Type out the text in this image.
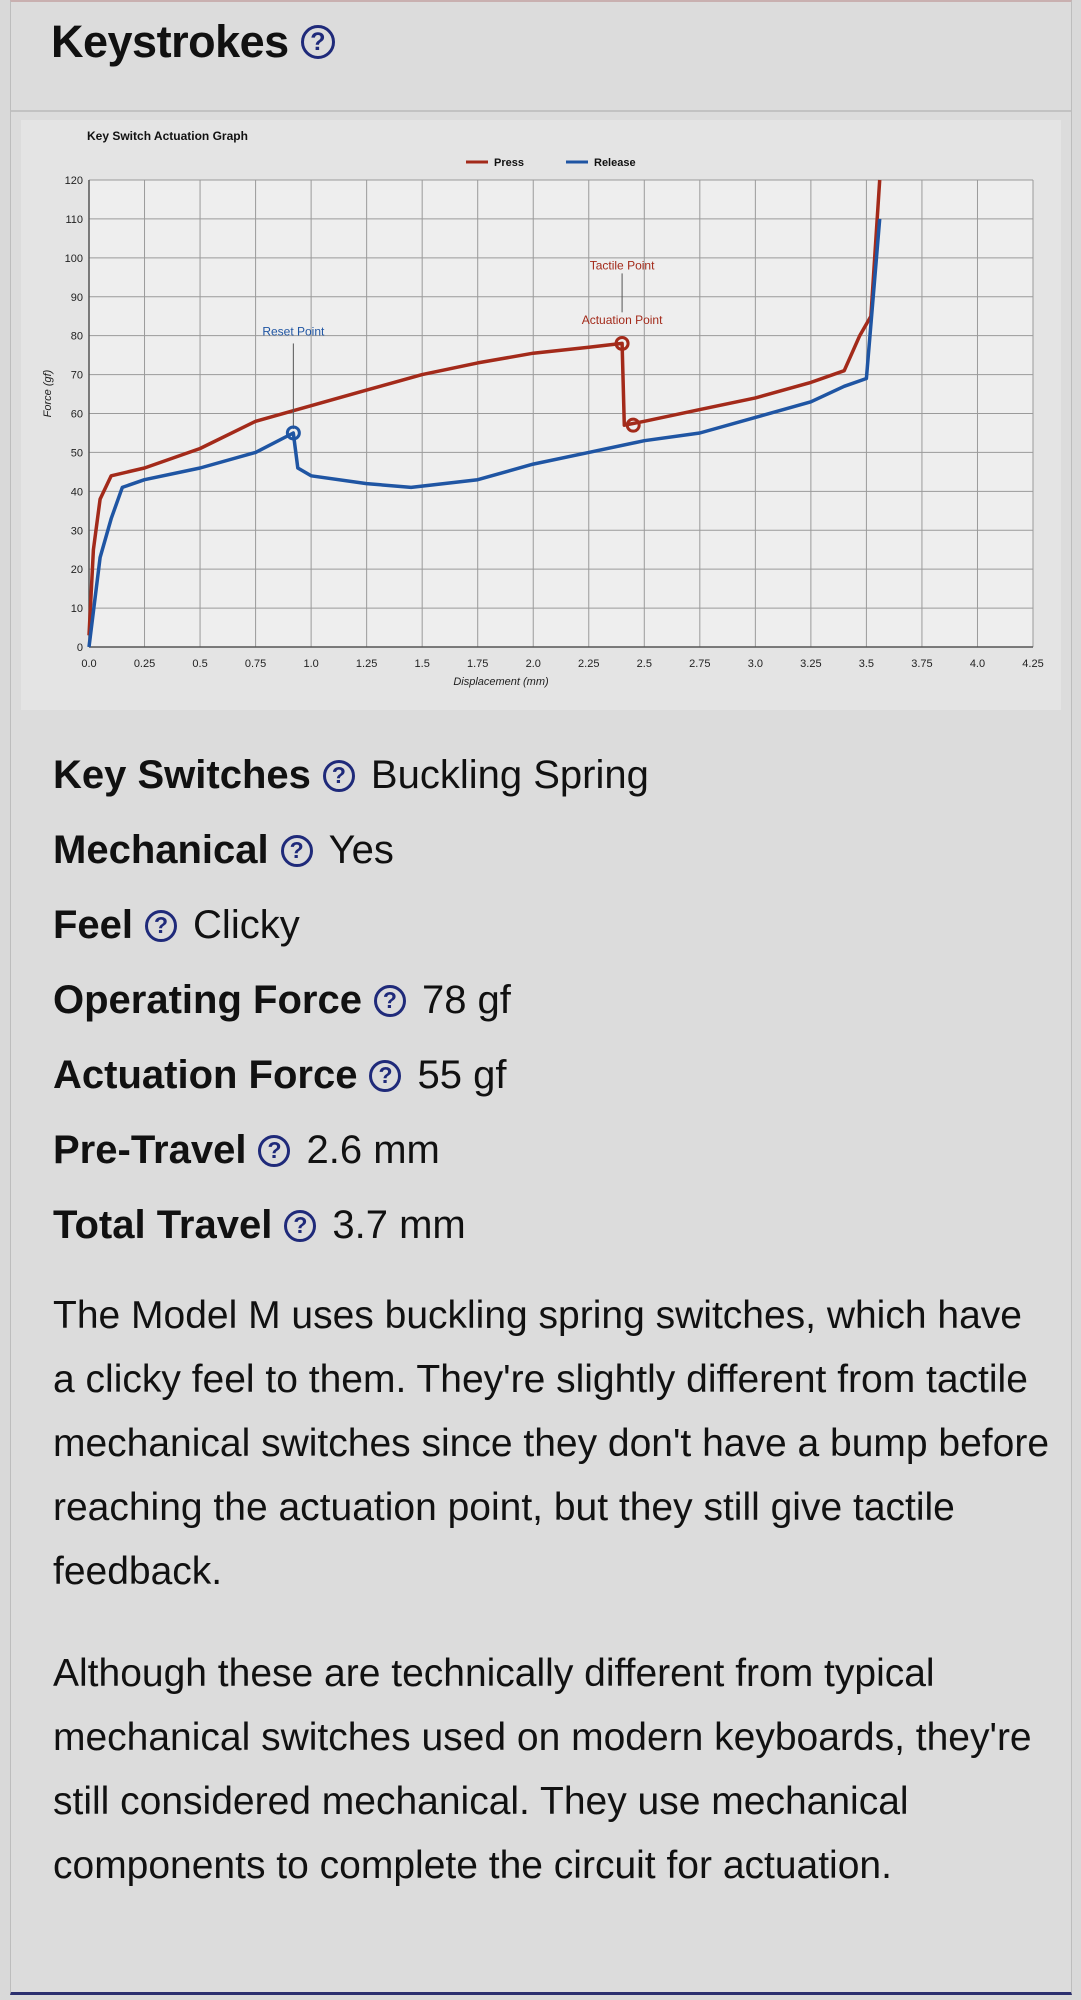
Keystrokes ?
0.0	0.25	0.5	0.75	1.0	1.25	1.5	1.75	2.0	2.25	2.5	2.75	3.0	3.25	3.5	3.75	4.0	4.25
0
10
20
30
40
50
60
70
80
90
100
110
120
Key Switch Actuation Graph
Displacement (mm)
Force (gf)
Press	Release
Tactile Point
Actuation Point
Reset Point
Key Switches ? Buckling Spring
Mechanical ? Yes
Feel ? Clicky
Operating Force ? 78 gf
Actuation Force ? 55 gf
Pre-Travel ? 2.6 mm
Total Travel ? 3.7 mm

The Model M uses buckling spring switches, which have a clicky feel to them. They're slightly different from tactile mechanical switches since they don't have a bump before reaching the actuation point, but they still give tactile feedback.

Although these are technically different from typical mechanical switches used on modern keyboards, they're still considered mechanical. They use mechanical components to complete the circuit for actuation.
